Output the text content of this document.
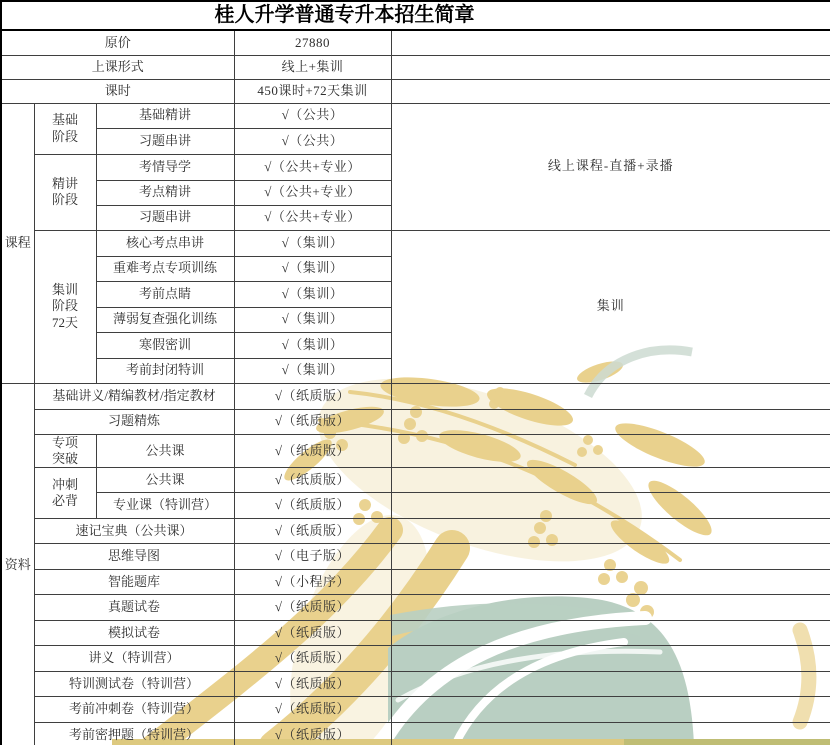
桂人升学普通专升本招生简章				
原价			27880	
上课形式			线上+集训	
课时			450课时+72天集训	
课程	基础阶段	基础精讲	√（公共）	线上课程-直播+录播
		习题串讲	√（公共）	
	精讲阶段	考情导学	√（公共+专业）	
		考点精讲	√（公共+专业）	
		习题串讲	√（公共+专业）	
	集训阶段72天	核心考点串讲	√（集训）	集训
		重难考点专项训练	√（集训）	
		考前点睛	√（集训）	
		薄弱复查强化训练	√（集训）	
		寒假密训	√（集训）	
		考前封闭特训	√（集训）	
资料	基础讲义/精编教材/指定教材		√（纸质版）	
	习题精炼		√（纸质版）	
	专项突破	公共课	√（纸质版）	
	冲刺必背	公共课	√（纸质版）	
		专业课（特训营）	√（纸质版）	
	速记宝典（公共课）		√（纸质版）	
	思维导图		√（电子版）	
	智能题库		√（小程序）	
	真题试卷		√（纸质版）	
	模拟试卷		√（纸质版）	
	讲义（特训营）		√（纸质版）	
	特训测试卷（特训营）		√（纸质版）	
	考前冲刺卷（特训营）		√（纸质版）	
	考前密押题（特训营）		√（纸质版）	
